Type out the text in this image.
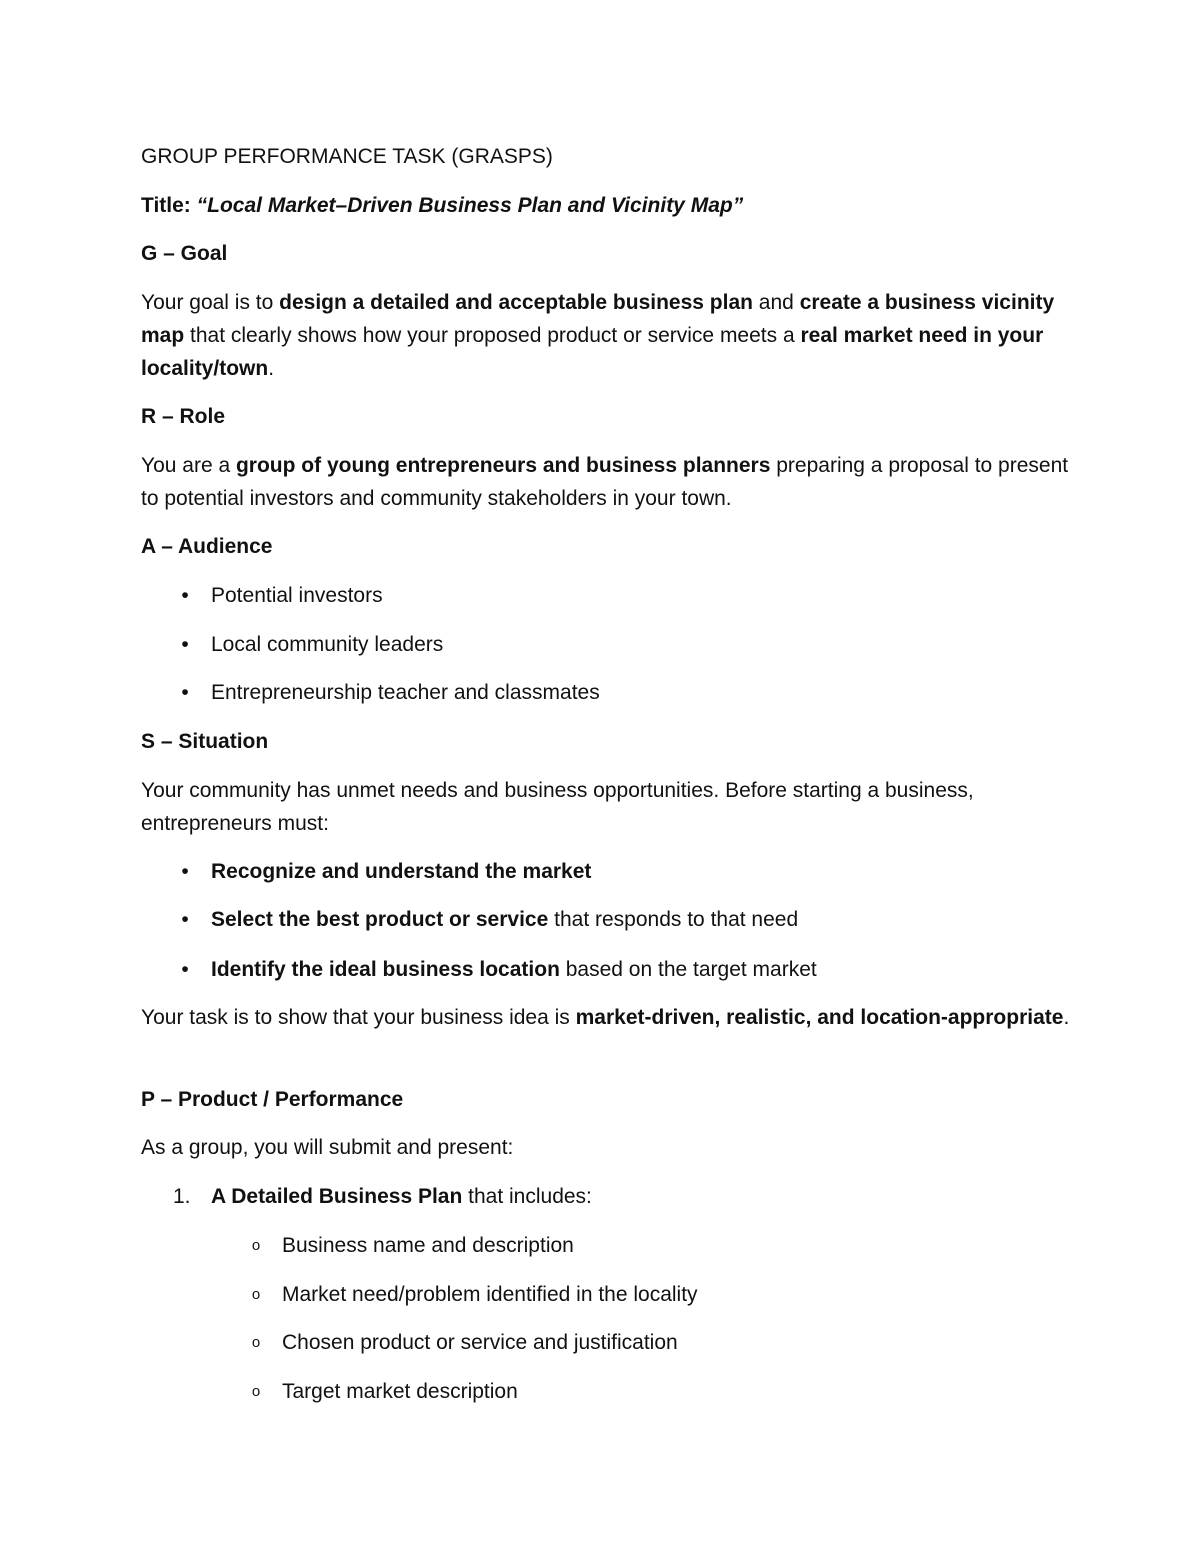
GROUP PERFORMANCE TASK (GRASPS)

Title: “Local Market–Driven Business Plan and Vicinity Map”

G – Goal

Your goal is to design a detailed and acceptable business plan and create a business vicinity map that clearly shows how your proposed product or service meets a real market need in your locality/town.

R – Role

You are a group of young entrepreneurs and business planners preparing a proposal to present to potential investors and community stakeholders in your town.

A – Audience

•	Potential investors
•	Local community leaders
•	Entrepreneurship teacher and classmates

S – Situation

Your community has unmet needs and business opportunities. Before starting a business, entrepreneurs must:

•	Recognize and understand the market
•	Select the best product or service that responds to that need
•	Identify the ideal business location based on the target market

Your task is to show that your business idea is market-driven, realistic, and location-appropriate.

P – Product / Performance

As a group, you will submit and present:

1. A Detailed Business Plan that includes:
o Business name and description
o Market need/problem identified in the locality
o Chosen product or service and justification
o Target market description
